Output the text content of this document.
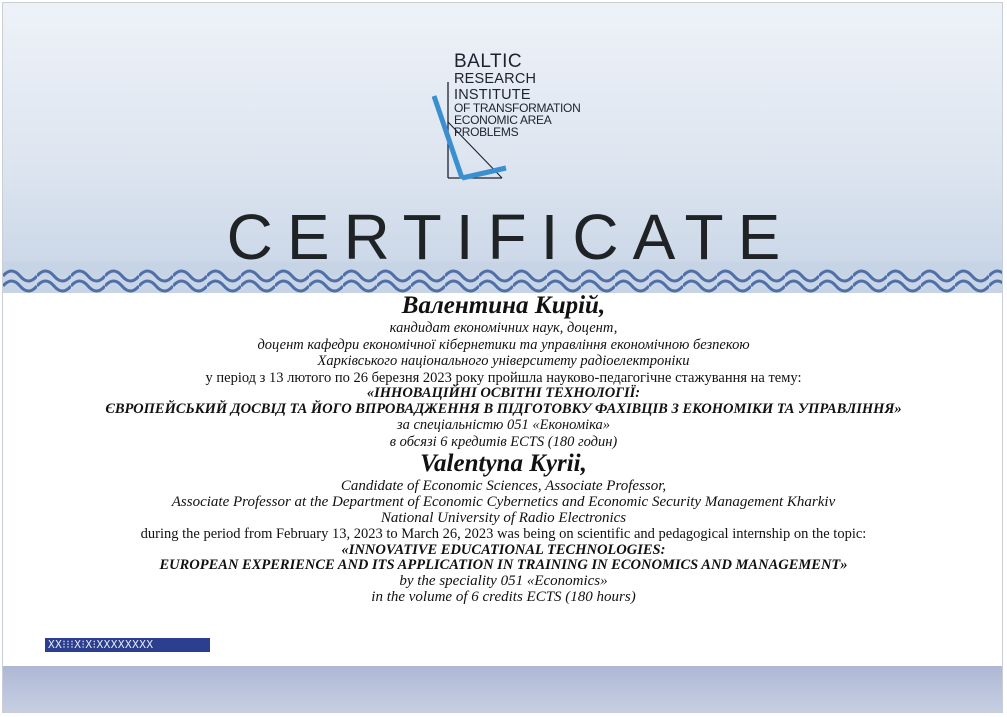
BALTIC
RESEARCH
INSTITUTE
OF TRANSFORMATION
ECONOMIC AREA
PROBLEMS
CERTIFICATE
Валентина Кирій,
кандидат економічних наук, доцент,
доцент кафедри економічної кібернетики та управління економічною безпекою
Харківського національного університету радіоелектроніки
у період з 13 лютого по 26 березня 2023 року пройшла науково-педагогічне стажування на тему:
«ІННОВАЦІЙНІ ОСВІТНІ ТЕХНОЛОГІЇ:
ЄВРОПЕЙСЬКИЙ ДОСВІД ТА ЙОГО ВПРОВАДЖЕННЯ В ПІДГОТОВКУ ФАХІВЦІВ З ЕКОНОМІКИ ТА УПРАВЛІННЯ»
за спеціальністю 051 «Економіка»
в обсязі 6 кредитів ECTS (180 годин)
Valentyna Kyrii,
Candidate of Economic Sciences, Associate Professor,
Associate Professor at the Department of Economic Cybernetics and Economic Security Management Kharkiv
National University of Radio Electronics
during the period from February 13, 2023 to March 26, 2023 was being on scientific and pedagogical internship on the topic:
«INNOVATIVE EDUCATIONAL TECHNOLOGIES:
EUROPEAN EXPERIENCE AND ITS APPLICATION IN TRAINING IN ECONOMICS AND MANAGEMENT»
by the speciality 051 «Economics»
in the volume of 6 credits ECTS (180 hours)
XX⁝⁝⁝X⁝X⁝XXXXXXXX
